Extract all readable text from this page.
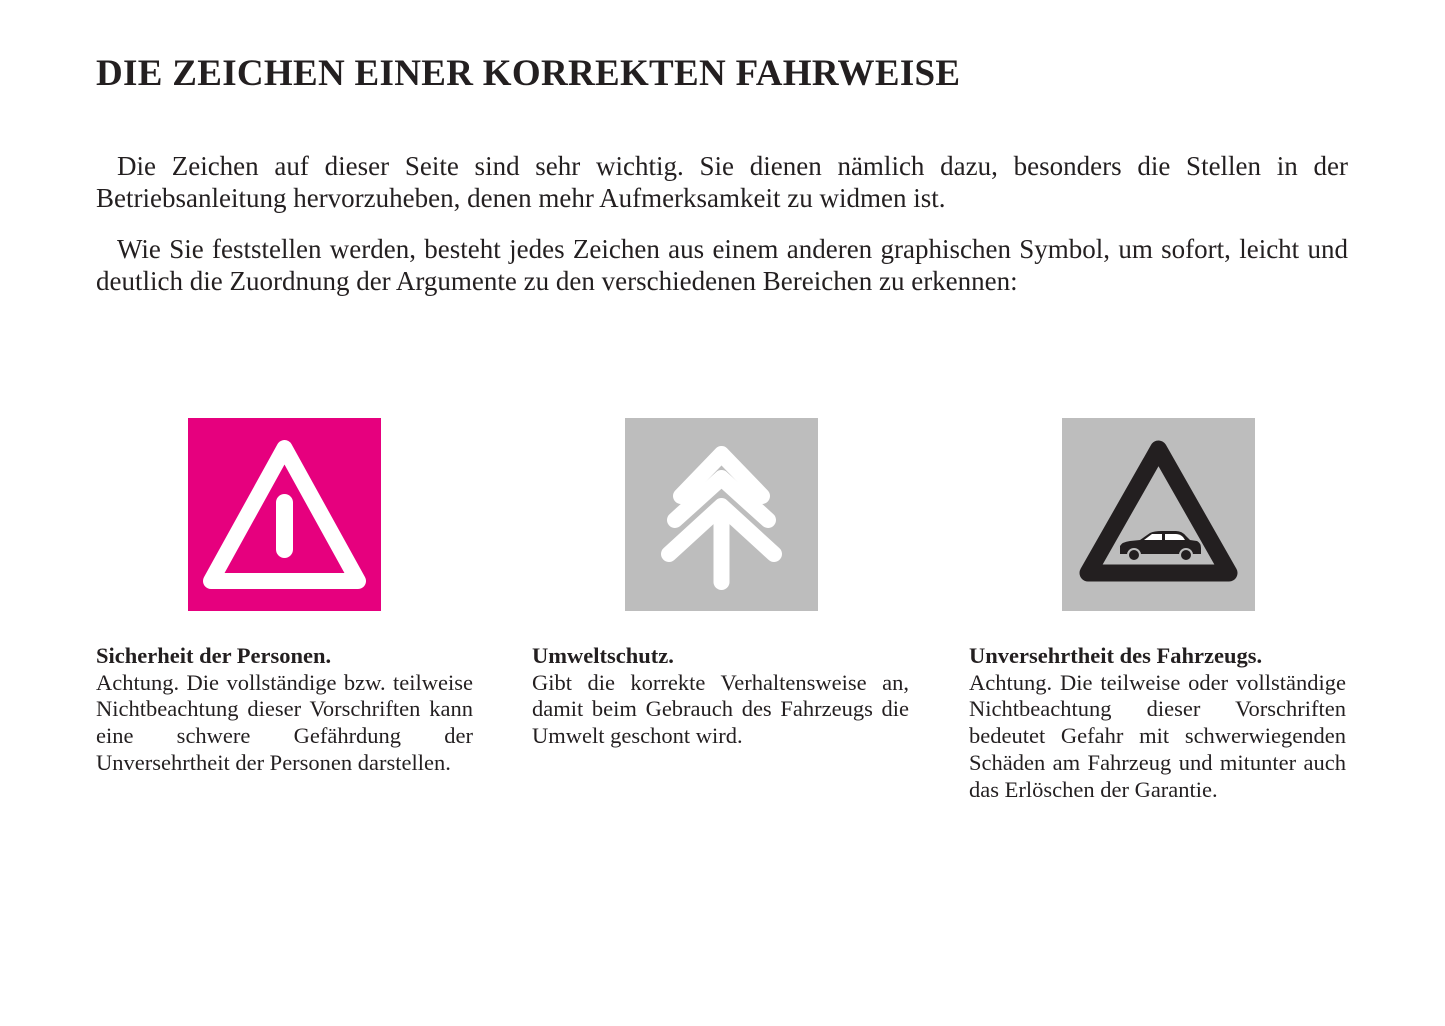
DIE ZEICHEN EINER KORREKTEN FAHRWEISE

Die Zeichen auf dieser Seite sind sehr wichtig. Sie dienen nämlich dazu, besonders die Stellen in der Betriebsanleitung hervorzuheben, denen mehr Aufmerksamkeit zu widmen ist.

Wie Sie feststellen werden, besteht jedes Zeichen aus einem anderen graphischen Symbol, um sofort, leicht und deutlich die Zuordnung der Argumente zu den verschiedenen Bereichen zu erkennen:

Sicherheit der Personen.
Achtung. Die vollständige bzw. teilweise Nichtbeachtung dieser Vorschriften kann eine schwere Gefährdung der Unversehrtheit der Personen darstellen.
Umweltschutz.
Gibt die korrekte Verhaltensweise an, damit beim Gebrauch des Fahrzeugs die Umwelt geschont wird.
Unversehrtheit des Fahrzeugs.
Achtung. Die teilweise oder vollständige Nichtbeachtung dieser Vorschriften bedeutet Gefahr mit schwerwiegenden Schäden am Fahrzeug und mitunter auch das Erlöschen der Garantie.
